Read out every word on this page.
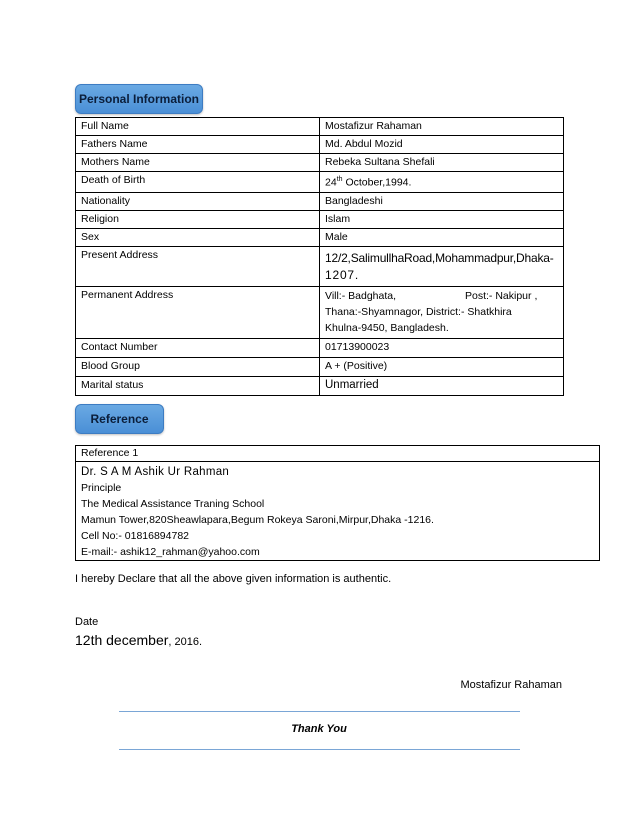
Personal Information
Full Name	Mostafizur Rahaman
Fathers Name	Md. Abdul Mozid
Mothers Name	Rebeka Sultana Shefali
Death of Birth	24th October,1994.
Nationality	Bangladeshi
Religion	Islam
Sex	Male
Present Address	12/2,SalimullhaRoad,Mohammadpur,Dhaka-
1207.

Permanent Address	Vill:- Badghata, Post:- Nakipur ,
Thana:-Shyamnagor, District:- Shatkhira
Khulna-9450, Bangladesh.

Contact Number	01713900023
Blood Group	A + (Positive)
Marital status	Unmarried
Reference
Reference 1
Dr. S A M Ashik Ur Rahman
Principle
The Medical Assistance Traning School
Mamun Tower,820Sheawlapara,Begum Rokeya Saroni,Mirpur,Dhaka -1216.
Cell No:- 01816894782
E-mail:- ashik12_rahman@yahoo.com
I hereby Declare that all the above given information is authentic.
Date
12th december, 2016.
Mostafizur Rahaman
Thank You
